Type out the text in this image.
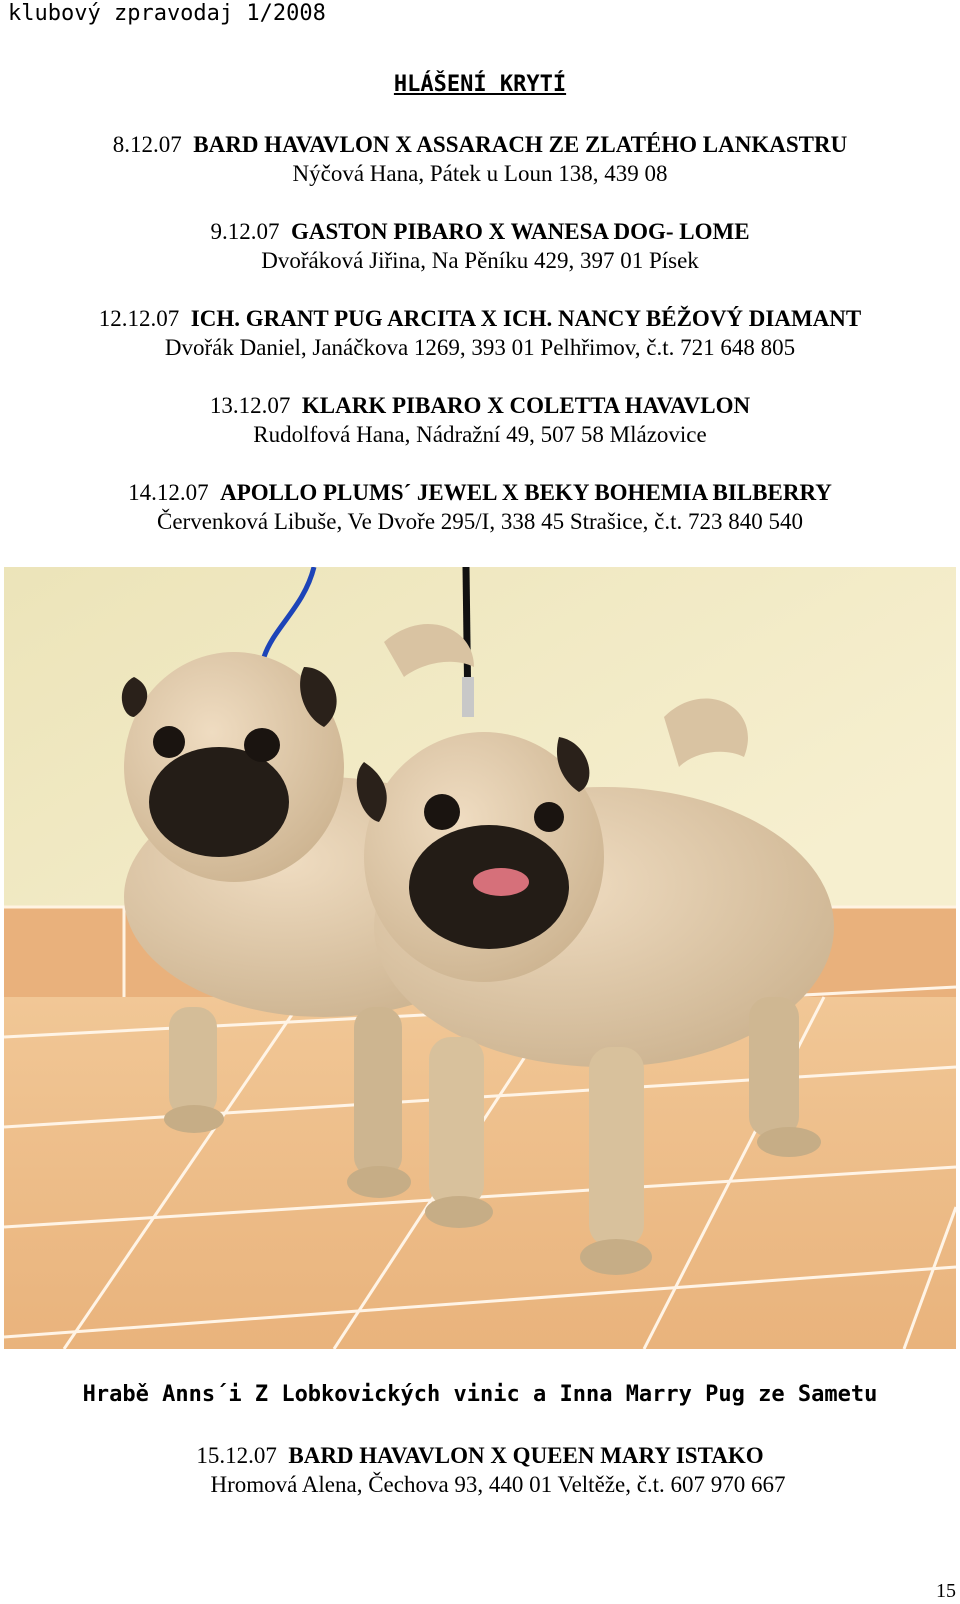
klubový zpravodaj 1/2008
HLÁŠENÍ KRYTÍ
8.12.07 BARD HAVAVLON X ASSARACH ZE ZLATÉHO LANKASTRU
Nýčová Hana, Pátek u Loun 138, 439 08
9.12.07 GASTON PIBARO X WANESA DOG- LOME
Dvořáková Jiřina, Na Pěníku 429, 397 01 Písek
12.12.07 ICH. GRANT PUG ARCITA X ICH. NANCY BÉŽOVÝ DIAMANT
Dvořák Daniel, Janáčkova 1269, 393 01 Pelhřimov, č.t. 721 648 805
13.12.07 KLARK PIBARO X COLETTA HAVAVLON
Rudolfová Hana, Nádražní 49, 507 58 Mlázovice
14.12.07 APOLLO PLUMS´ JEWEL X BEKY BOHEMIA BILBERRY
Červenková Libuše, Ve Dvoře 295/I, 338 45 Strašice, č.t. 723 840 540
Hrabě Anns´i Z Lobkovických vinic a Inna Marry Pug ze Sametu
15.12.07 BARD HAVAVLON X QUEEN MARY ISTAKO
Hromová Alena, Čechova 93, 440 01 Veltěže, č.t. 607 970 667
15
